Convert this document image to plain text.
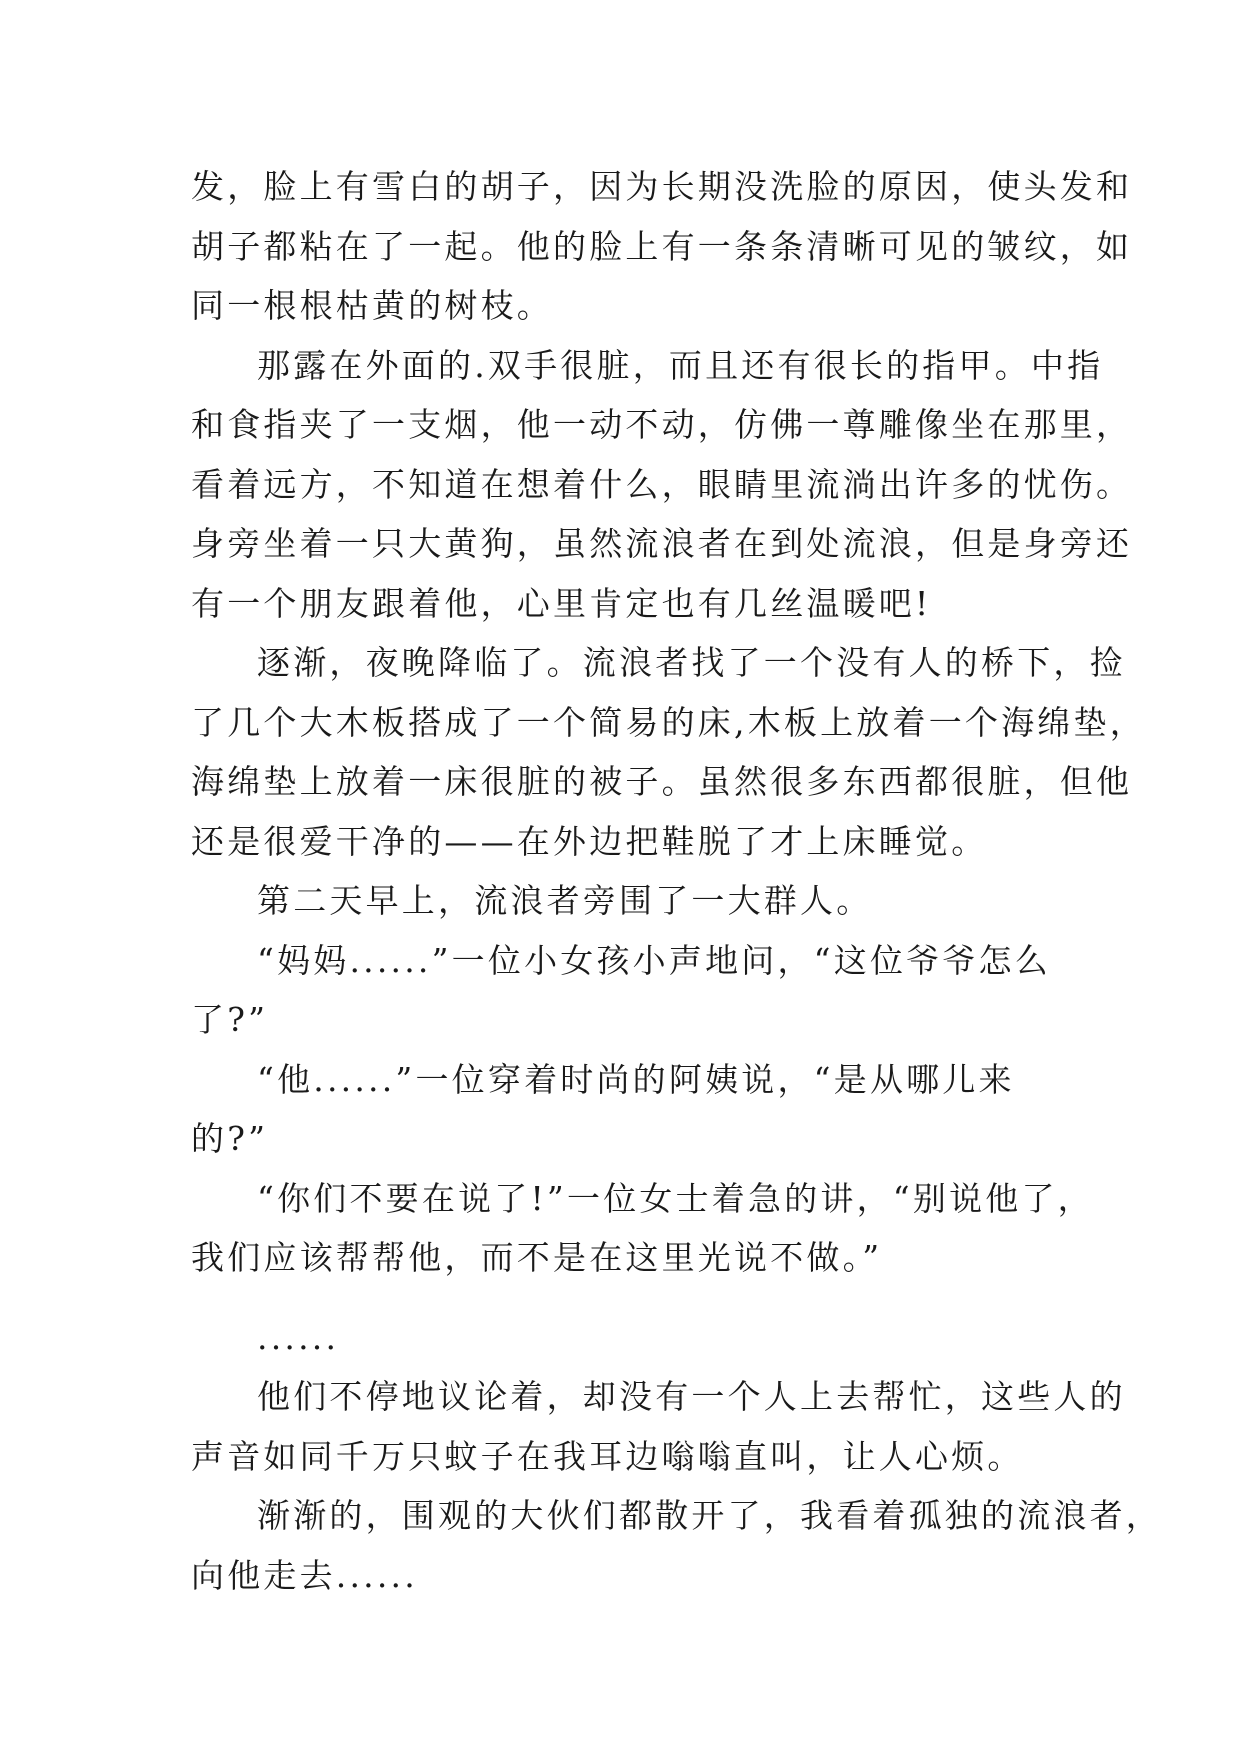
发，脸上有雪白的胡子，因为长期没洗脸的原因，使头发和
胡子都粘在了一起。他的脸上有一条条清晰可见的皱纹，如
同一根根枯黄的树枝。
那露在外面的.双手很脏，而且还有很长的指甲。中指
和食指夹了一支烟，他一动不动，仿佛一尊雕像坐在那里，
看着远方，不知道在想着什么，眼睛里流淌出许多的忧伤。
身旁坐着一只大黄狗，虽然流浪者在到处流浪，但是身旁还
有一个朋友跟着他，心里肯定也有几丝温暖吧!
逐渐，夜晚降临了。流浪者找了一个没有人的桥下，捡
了几个大木板搭成了一个简易的床,木板上放着一个海绵垫，
海绵垫上放着一床很脏的被子。虽然很多东西都很脏，但他
还是很爱干净的——在外边把鞋脱了才上床睡觉。
第二天早上，流浪者旁围了一大群人。
“妈妈......”一位小女孩小声地问，“这位爷爷怎么
了?”
“他......”一位穿着时尚的阿姨说，“是从哪儿来
的?”
“你们不要在说了!”一位女士着急的讲，“别说他了，
我们应该帮帮他，而不是在这里光说不做。”
......
他们不停地议论着，却没有一个人上去帮忙，这些人的
声音如同千万只蚊子在我耳边嗡嗡直叫，让人心烦。
渐渐的，围观的大伙们都散开了，我看着孤独的流浪者，
向他走去......
